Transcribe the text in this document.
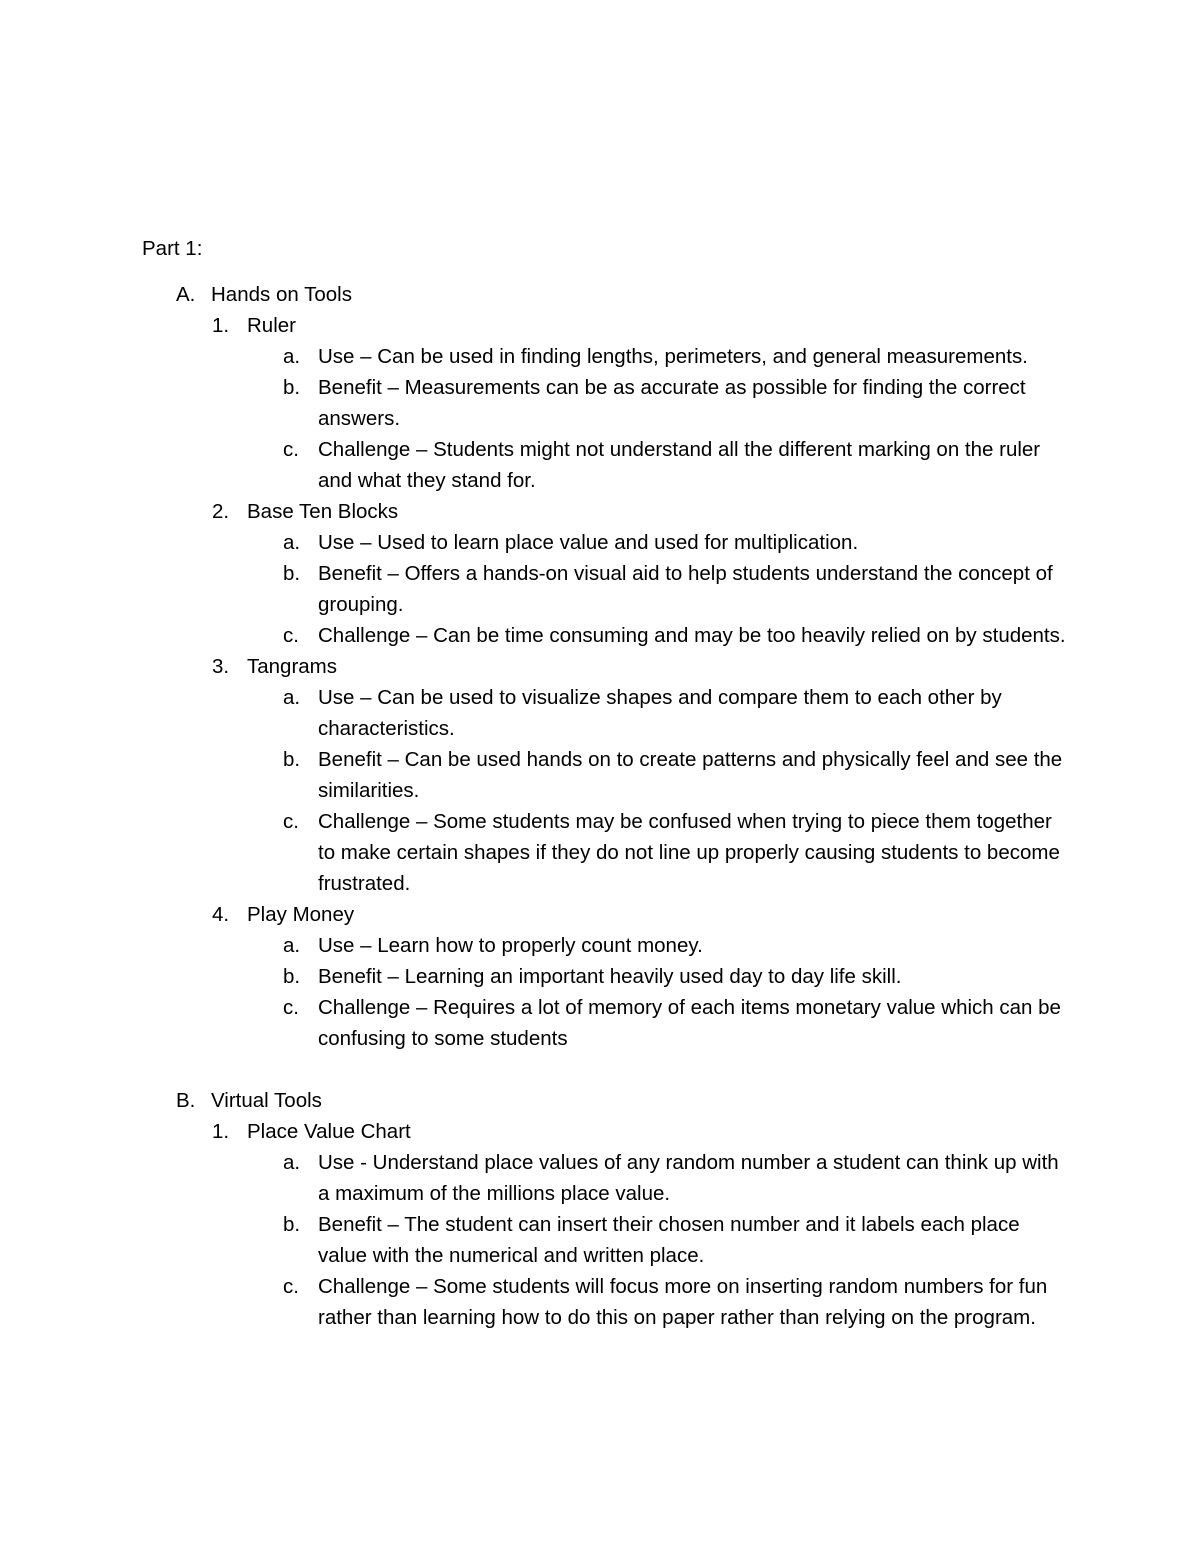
Part 1:
A. Hands on Tools
1. Ruler
a. Use – Can be used in finding lengths, perimeters, and general measurements.
b. Benefit – Measurements can be as accurate as possible for finding the correct answers.
c. Challenge – Students might not understand all the different marking on the ruler and what they stand for.
2. Base Ten Blocks
a. Use – Used to learn place value and used for multiplication.
b. Benefit – Offers a hands-on visual aid to help students understand the concept of grouping.
c. Challenge – Can be time consuming and may be too heavily relied on by students.
3. Tangrams
a. Use – Can be used to visualize shapes and compare them to each other by characteristics.
b. Benefit – Can be used hands on to create patterns and physically feel and see the similarities.
c. Challenge – Some students may be confused when trying to piece them together to make certain shapes if they do not line up properly causing students to become frustrated.
4. Play Money
a. Use – Learn how to properly count money.
b. Benefit – Learning an important heavily used day to day life skill.
c. Challenge – Requires a lot of memory of each items monetary value which can be confusing to some students
B. Virtual Tools
1. Place Value Chart
a. Use - Understand place values of any random number a student can think up with a maximum of the millions place value.
b. Benefit – The student can insert their chosen number and it labels each place value with the numerical and written place.
c. Challenge – Some students will focus more on inserting random numbers for fun rather than learning how to do this on paper rather than relying on the program.
